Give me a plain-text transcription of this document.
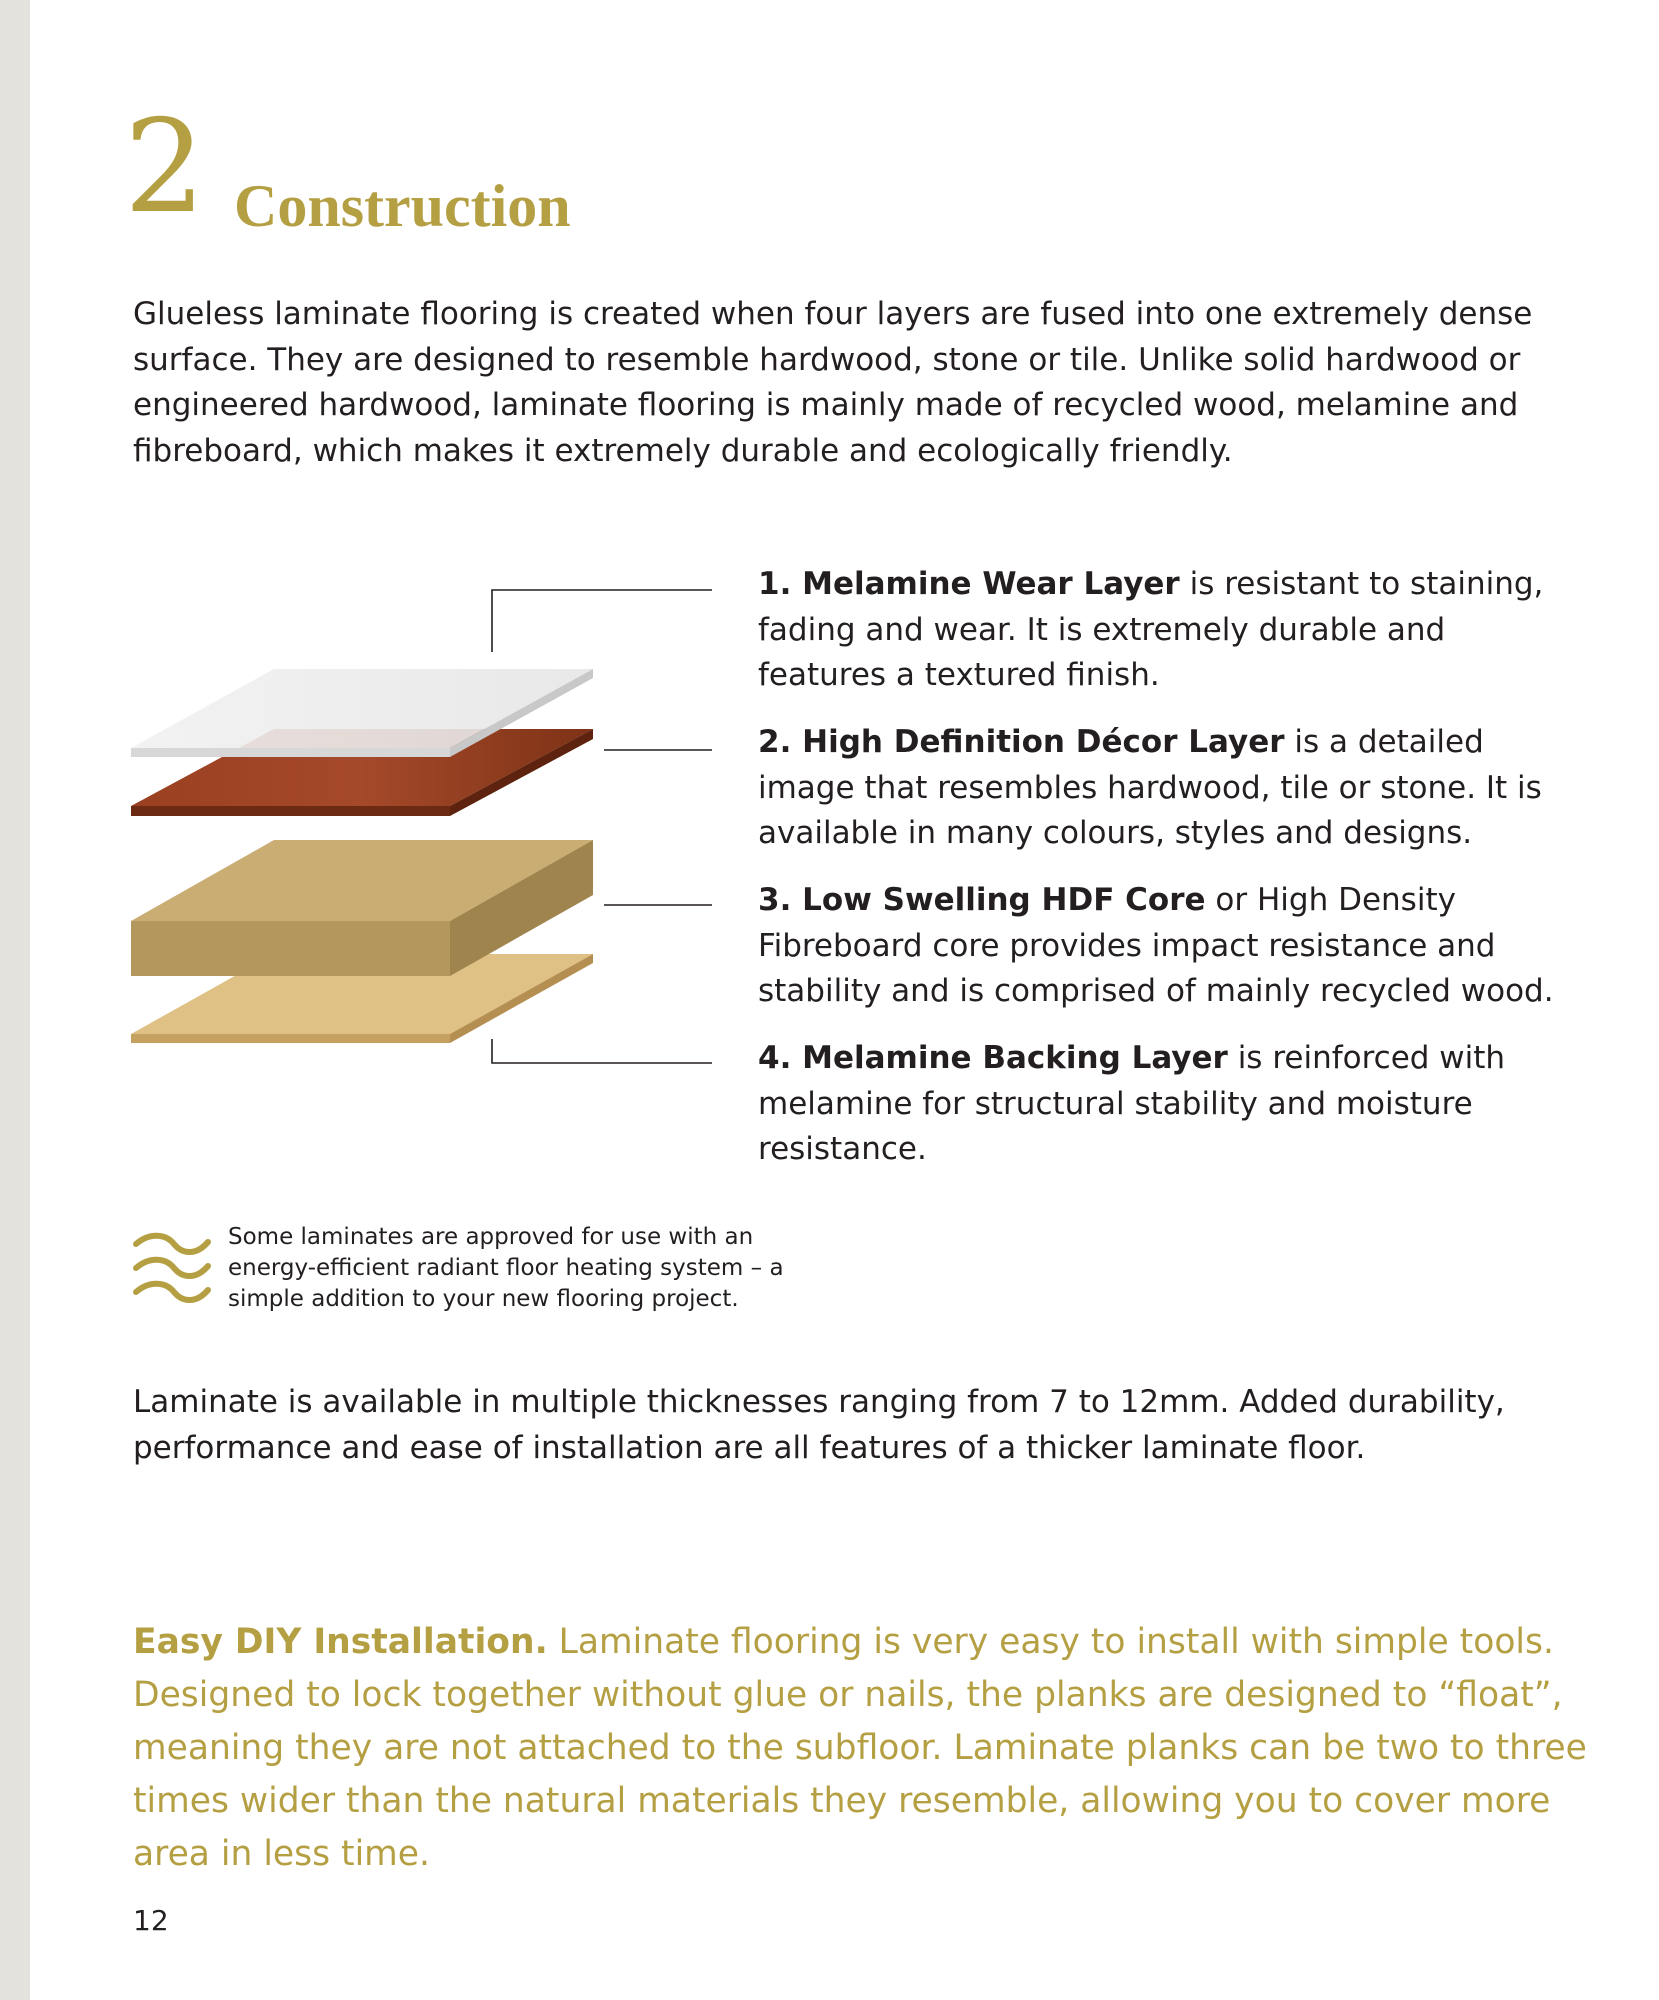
2 Construction

Glueless laminate flooring is created when four layers are fused into one extremely dense surface. They are designed to resemble hardwood, stone or tile. Unlike solid hardwood or engineered hardwood, laminate flooring is mainly made of recycled wood, melamine and fibreboard, which makes it extremely durable and ecologically friendly.

1. Melamine Wear Layer is resistant to staining, fading and wear. It is extremely durable and features a textured finish.

2. High Definition Décor Layer is a detailed image that resembles hardwood, tile or stone. It is available in many colours, styles and designs.

3. Low Swelling HDF Core or High Density Fibreboard core provides impact resistance and stability and is comprised of mainly recycled wood.

4. Melamine Backing Layer is reinforced with melamine for structural stability and moisture resistance.

Some laminates are approved for use with an energy-efficient radiant floor heating system – a simple addition to your new flooring project.

Laminate is available in multiple thicknesses ranging from 7 to 12mm. Added durability, performance and ease of installation are all features of a thicker laminate floor.

Easy DIY Installation. Laminate flooring is very easy to install with simple tools. Designed to lock together without glue or nails, the planks are designed to “float”, meaning they are not attached to the subfloor. Laminate planks can be two to three times wider than the natural materials they resemble, allowing you to cover more area in less time.

12
